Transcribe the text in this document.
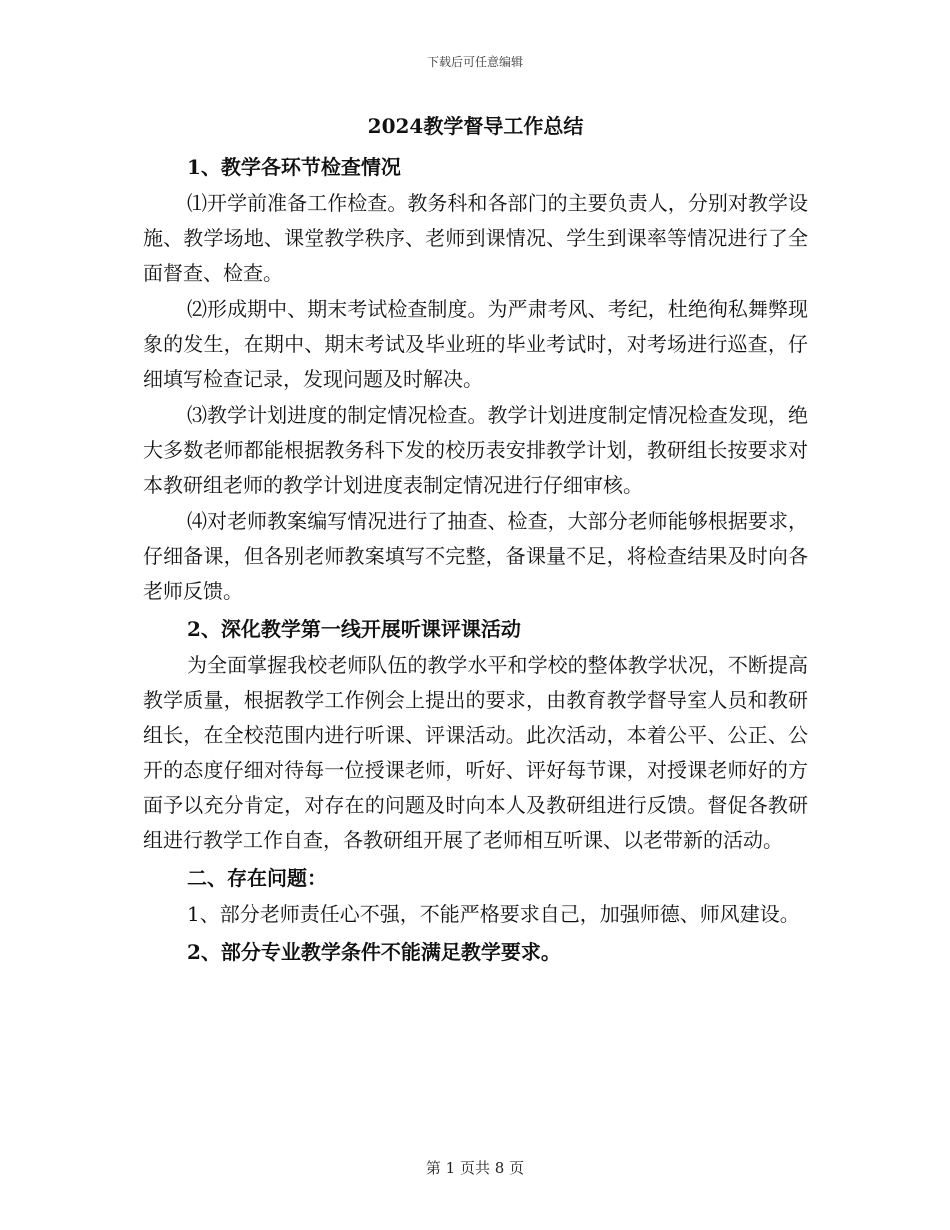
下载后可任意编辑
2024教学督导工作总结
1、教学各环节检查情况
⑴开学前准备工作检查。教务科和各部门的主要负责人，分别对教学设施、教学场地、课堂教学秩序、老师到课情况、学生到课率等情况进行了全面督查、检查。
⑵形成期中、期末考试检查制度。为严肃考风、考纪，杜绝徇私舞弊现象的发生，在期中、期末考试及毕业班的毕业考试时，对考场进行巡查，仔细填写检查记录，发现问题及时解决。
⑶教学计划进度的制定情况检查。教学计划进度制定情况检查发现，绝大多数老师都能根据教务科下发的校历表安排教学计划，教研组长按要求对本教研组老师的教学计划进度表制定情况进行仔细审核。
⑷对老师教案编写情况进行了抽查、检查，大部分老师能够根据要求，仔细备课，但各别老师教案填写不完整，备课量不足，将检查结果及时向各老师反馈。
2、深化教学第一线开展听课评课活动
为全面掌握我校老师队伍的教学水平和学校的整体教学状况，不断提高教学质量，根据教学工作例会上提出的要求，由教育教学督导室人员和教研组长，在全校范围内进行听课、评课活动。此次活动，本着公平、公正、公开的态度仔细对待每一位授课老师，听好、评好每节课，对授课老师好的方面予以充分肯定，对存在的问题及时向本人及教研组进行反馈。督促各教研组进行教学工作自查，各教研组开展了老师相互听课、以老带新的活动。
二、存在问题：
1、部分老师责任心不强，不能严格要求自己，加强师德、师风建设。
2、部分专业教学条件不能满足教学要求。
第 1 页共 8 页
